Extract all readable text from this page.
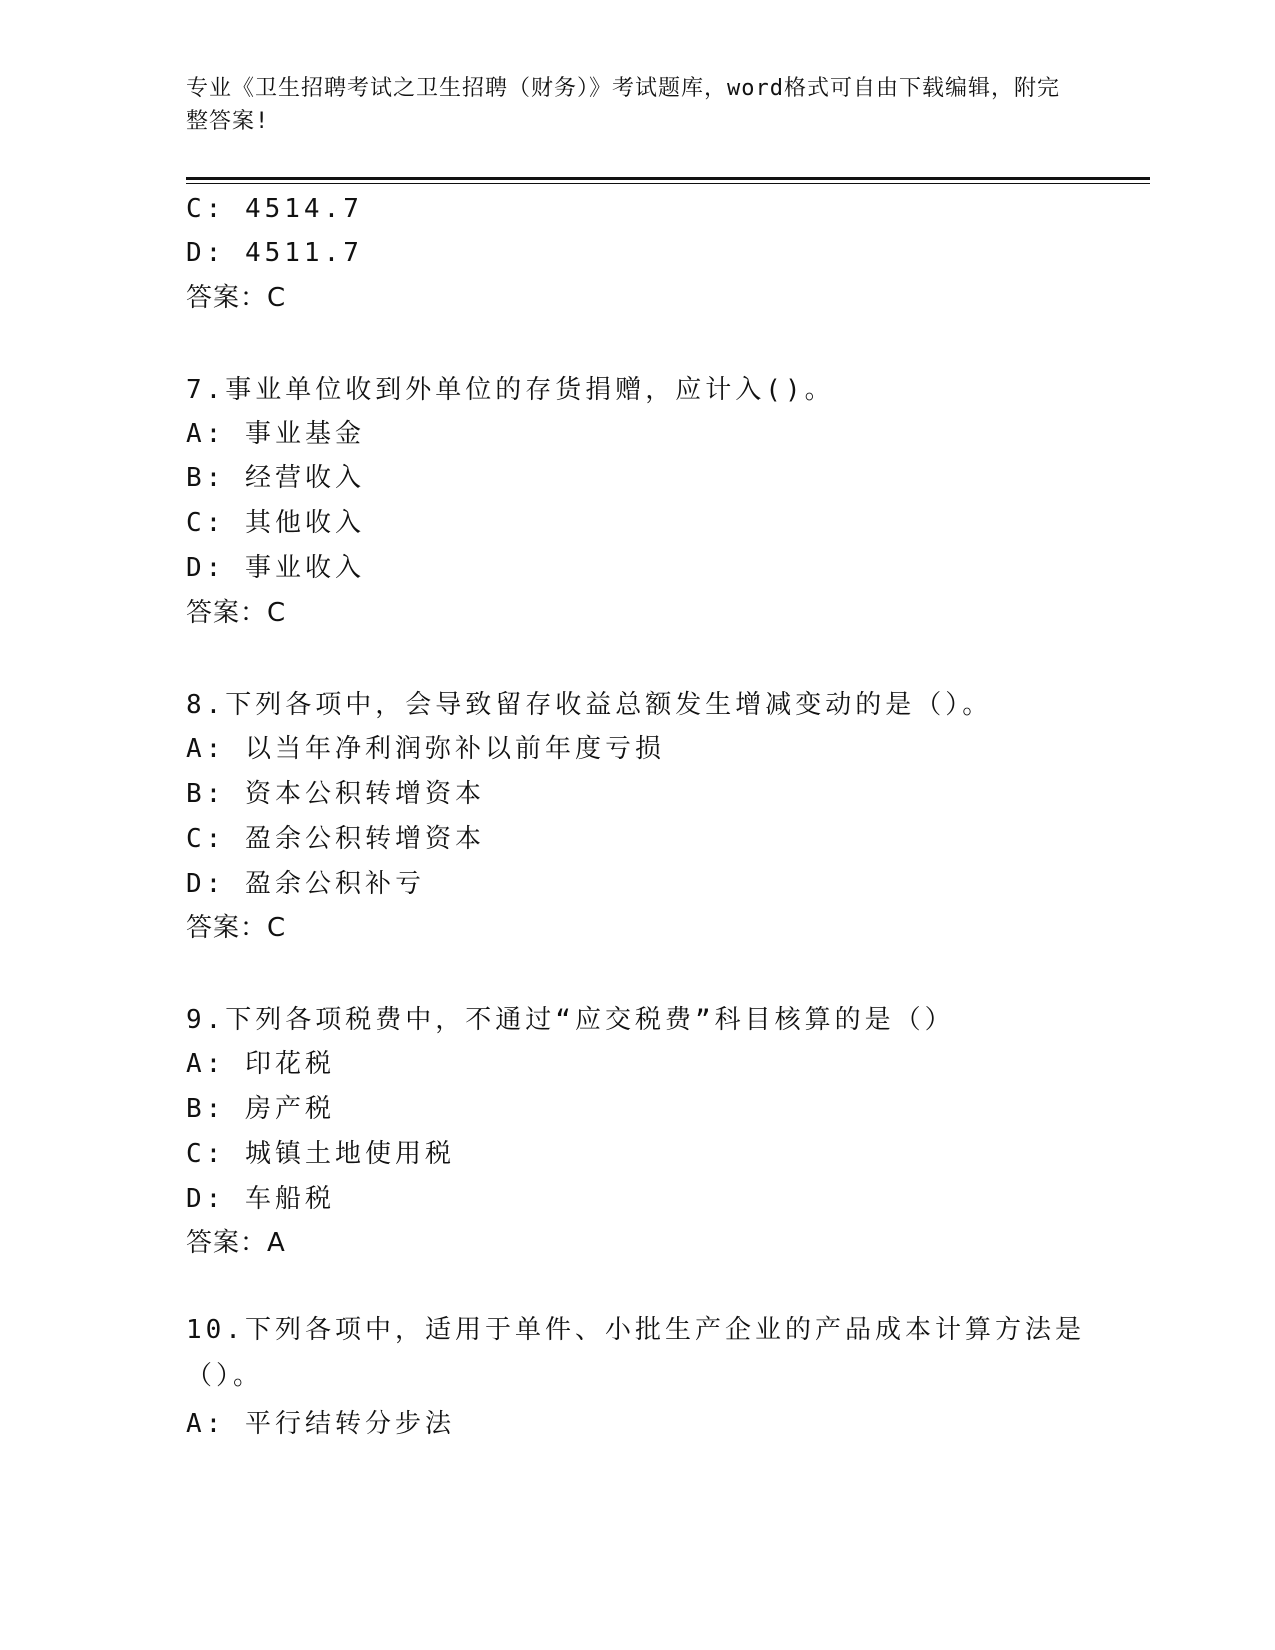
专业《卫生招聘考试之卫生招聘（财务）》考试题库，word格式可自由下载编辑，附完整答案!
C: 4514.7
D: 4511.7
答案：C
7.事业单位收到外单位的存货捐赠，应计入()。
A: 事业基金
B: 经营收入
C: 其他收入
D: 事业收入
答案：C
8.下列各项中，会导致留存收益总额发生增减变动的是（）。
A: 以当年净利润弥补以前年度亏损
B: 资本公积转增资本
C: 盈余公积转增资本
D: 盈余公积补亏
答案：C
9.下列各项税费中，不通过“应交税费”科目核算的是（）
A: 印花税
B: 房产税
C: 城镇土地使用税
D: 车船税
答案：A
10.下列各项中，适用于单件、小批生产企业的产品成本计算方法是（）。
A: 平行结转分步法
